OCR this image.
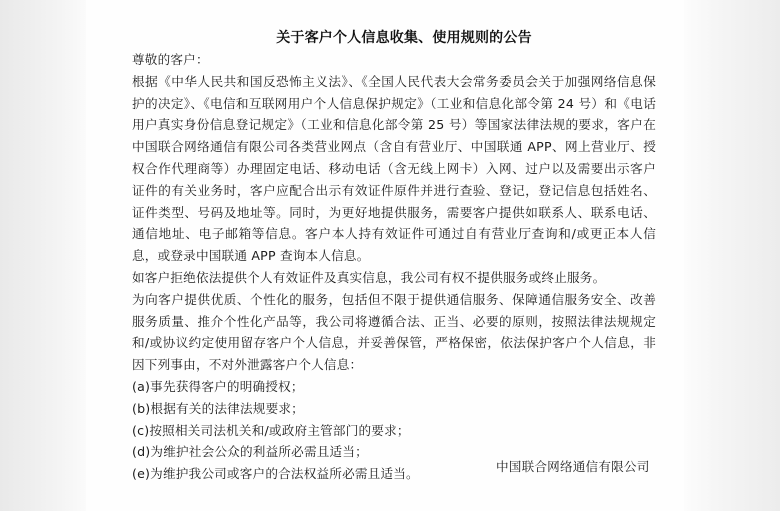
关于客户个人信息收集、使用规则的公告
尊敬的客户：
根据《中华人民共和国反恐怖主义法》、《全国人民代表大会常务委员会关于加强网络信息保护的决定》、《电信和互联网用户个人信息保护规定》（工业和信息化部令第 24 号）和《电话用户真实身份信息登记规定》（工业和信息化部令第 25 号）等国家法律法规的要求，客户在中国联合网络通信有限公司各类营业网点（含自有营业厅、中国联通 APP、网上营业厅、授权合作代理商等）办理固定电话、移动电话（含无线上网卡）入网、过户以及需要出示客户证件的有关业务时，客户应配合出示有效证件原件并进行查验、登记，登记信息包括姓名、证件类型、号码及地址等。同时，为更好地提供服务，需要客户提供如联系人、联系电话、通信地址、电子邮箱等信息。客户本人持有效证件可通过自有营业厅查询和/或更正本人信息，或登录中国联通 APP 查询本人信息。
如客户拒绝依法提供个人有效证件及真实信息，我公司有权不提供服务或终止服务。
为向客户提供优质、个性化的服务，包括但不限于提供通信服务、保障通信服务安全、改善服务质量、推介个性化产品等，我公司将遵循合法、正当、必要的原则，按照法律法规规定和/或协议约定使用留存客户个人信息，并妥善保管，严格保密，依法保护客户个人信息，非因下列事由，不对外泄露客户个人信息：
(a)事先获得客户的明确授权；
(b)根据有关的法律法规要求；
(c)按照相关司法机关和/或政府主管部门的要求；
(d)为维护社会公众的利益所必需且适当；
(e)为维护我公司或客户的合法权益所必需且适当。	中国联合网络通信有限公司
